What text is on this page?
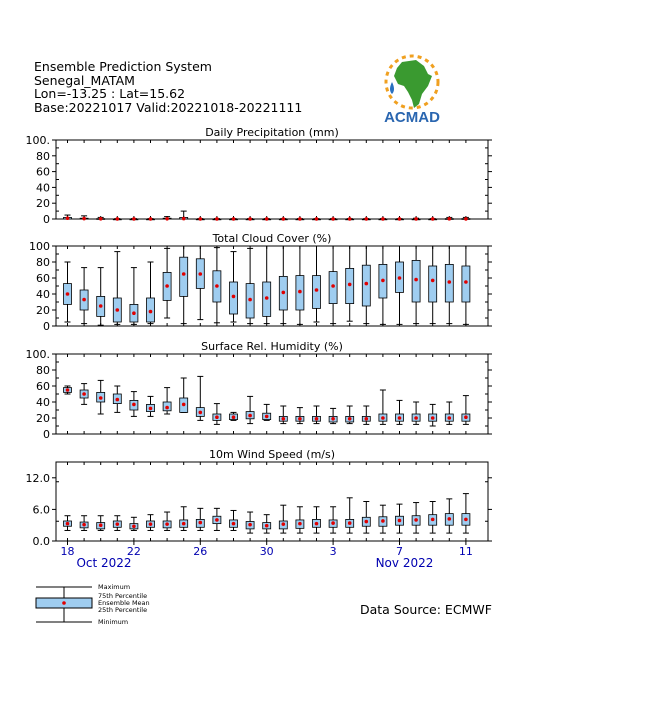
Ensemble Prediction System
Senegal_MATAM
Lon=-13.25 : Lat=15.62
Base:20221017 Valid:20221018-20221111
ACMAD
Daily Precipitation (mm)
0
20
40
60
80
100.
Total Cloud Cover (%)
0
20
40
60
80
100
Surface Rel. Humidity (%)
0
20
40
60
80
100.
10m Wind Speed (m/s)
0.0
6.0
12.0
18	22	26	30	3	7	11
Oct 2022	Nov 2022
Maximum
75th Percentile
Ensemble Mean
25th Percentile
Minimum
Data Source: ECMWF
